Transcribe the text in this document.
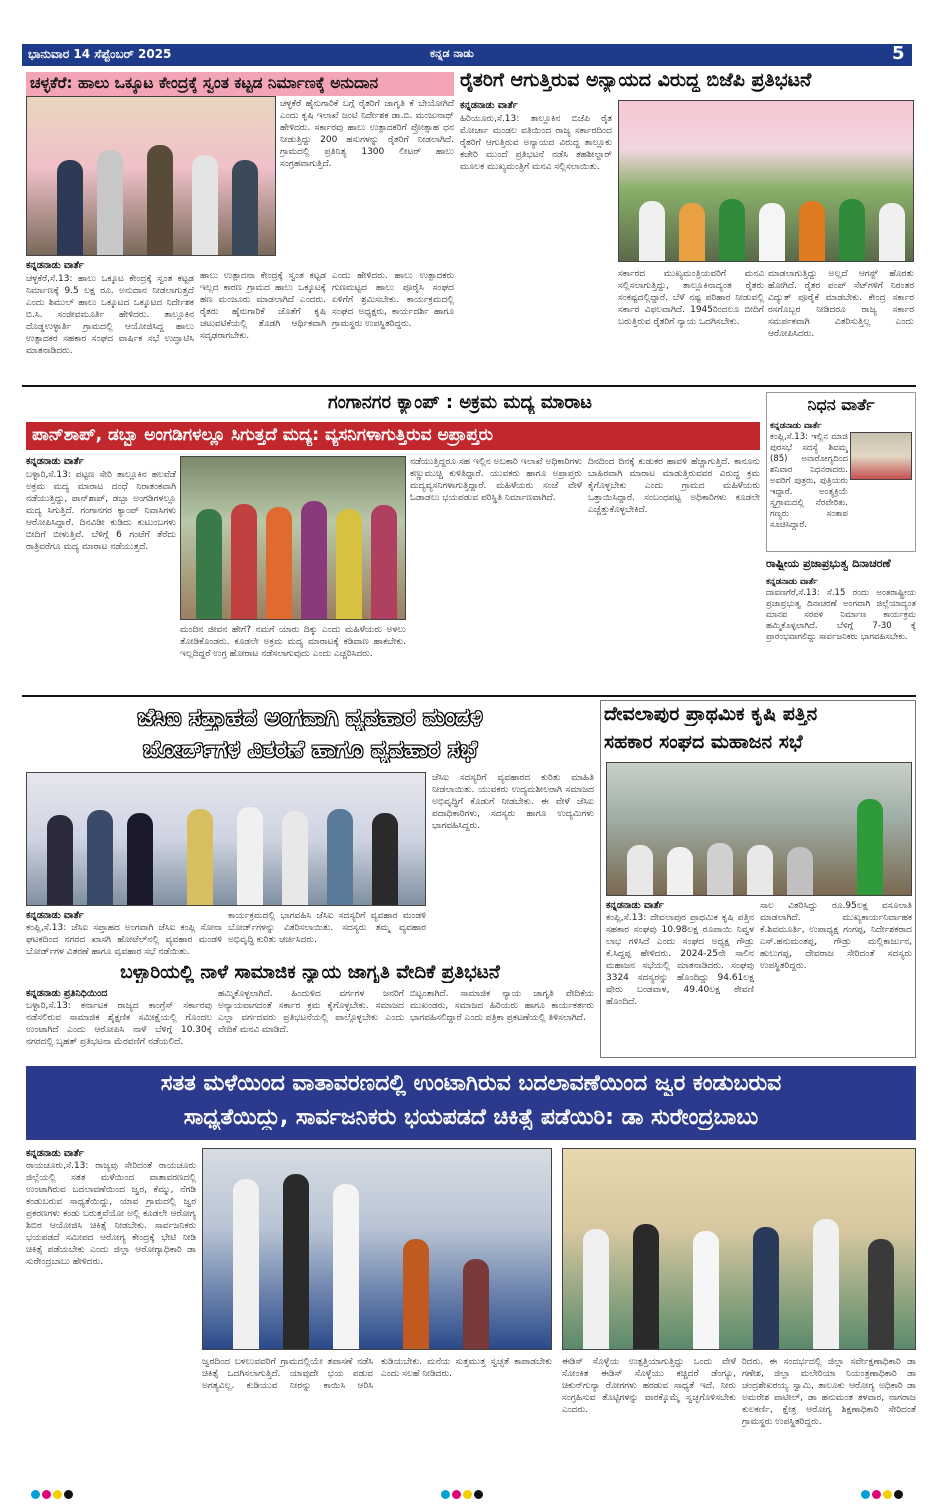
ಭಾನುವಾರ 14 ಸೆಪ್ಟೆಂಬರ್ 2025	ಕನ್ನಡ ನಾಡು	5
ಚಳ್ಳಕೆರೆ: ಹಾಲು ಒಕ್ಕೂಟ ಕೇಂದ್ರಕ್ಕೆ ಸ್ವಂತ ಕಟ್ಟಡ ನಿರ್ಮಾಣಕ್ಕೆ ಅನುದಾನ
ಕನ್ನಡನಾಡು ವಾರ್ತೆ
ಚಳ್ಳಕೆರೆ,ಸೆ.13: ಹಾಲು ಒಕ್ಕೂಟ ಕೇಂದ್ರಕ್ಕೆ ಸ್ವಂತ ಕಟ್ಟಡ ನಿರ್ಮಾಣಕ್ಕೆ 9.5 ಲಕ್ಷ ರೂ. ಅನುದಾನ ನೀಡಲಾಗುತ್ತದೆ ಎಂದು ಶಿಮುಲ್ ಹಾಲು ಒಕ್ಕೂಟದ ಒಕ್ಕೂಟದ ನಿರ್ದೇಶಕ ಬಿ.ಸಿ. ಸಂಜೀವಮೂರ್ತಿ ಹೇಳಿದರು. ತಾಲ್ಲೂಕಿನ ದೊಡ್ಡಉಳ್ಳಾರ್ತಿ ಗ್ರಾಮದಲ್ಲಿ ಆಯೋಜಿಸಿದ್ದ ಹಾಲು ಉತ್ಪಾದಕರ ಸಹಕಾರ ಸಂಘದ ವಾರ್ಷಿಕ ಸಭೆ ಉದ್ಘಾಟಿಸಿ ಮಾತನಾಡಿದರು.
ಚಳ್ಳಕೆರೆ ಹೈನುಗಾರಿಕೆ ಬಗ್ಗೆ ರೈತರಿಗೆ ಜಾಗೃತಿ ಕೆ ಬೇಯೋಗಿದೆ ಎಂದು ಕೃಷಿ ಇಲಾಖೆ ಜಂಟಿ ನಿರ್ದೇಶಕ ಡಾ.ಬಿ. ಮಂಜುನಾಥ್ ಹೇಳಿದರು. ಸರ್ಕಾರವು ಹಾಲು ಉತ್ಪಾದಕರಿಗೆ ಪ್ರೋತ್ಸಾಹ ಧನ ನೀಡುತ್ತಿದ್ದು 200 ಹಸುಗಳನ್ನು ರೈತರಿಗೆ ನೀಡಲಾಗಿದೆ. ಗ್ರಾಮದಲ್ಲಿ ಪ್ರತಿನಿತ್ಯ 1300 ಲೀಟರ್ ಹಾಲು ಸಂಗ್ರಹವಾಗುತ್ತಿದೆ.
ಹಾಲು ಉತ್ಪಾದನಾ ಕೇಂದ್ರಕ್ಕೆ ಸ್ವಂತ ಕಟ್ಟಡ ಇಲ್ಲದ ಕಾರಣ ಗ್ರಾಮದ ಹಾಲು ಒಕ್ಕೂಟಕ್ಕೆ ಹಣ ಮಂಜೂರು ಮಾಡಲಾಗಿದೆ ಎಂದರು. ರೈತರು ಹೈನುಗಾರಿಕೆ ಜೊತೆಗೆ ಕೃಷಿ ಚಟುವಟಿಕೆಯಲ್ಲಿ ತೊಡಗಿ ಆರ್ಥಿಕವಾಗಿ ಸದೃಢರಾಗಬೇಕು.
ಎಂದು ಹೇಳಿದರು. ಹಾಲು ಉತ್ಪಾದಕರು ಗುಣಮಟ್ಟದ ಹಾಲು ಪೂರೈಸಿ ಸಂಘದ ಏಳಿಗೆಗೆ ಶ್ರಮಿಸಬೇಕು. ಕಾರ್ಯಕ್ರಮದಲ್ಲಿ ಸಂಘದ ಅಧ್ಯಕ್ಷರು, ಕಾರ್ಯದರ್ಶಿ ಹಾಗೂ ಗ್ರಾಮಸ್ಥರು ಉಪಸ್ಥಿತರಿದ್ದರು.
ರೈತರಿಗೆ ಆಗುತ್ತಿರುವ ಅನ್ಯಾಯದ ವಿರುದ್ಧ ಬಿಜೆಪಿ ಪ್ರತಿಭಟನೆ
ಕನ್ನಡನಾಡು ವಾರ್ತೆ
ಹಿರಿಯೂರು,ಸೆ.13: ತಾಲ್ಲೂಕಿನ ಬಿಜೆಪಿ ರೈತ ಮೋರ್ಚಾ ಮಂಡಲ ವತಿಯಿಂದ ರಾಜ್ಯ ಸರ್ಕಾರದಿಂದ ರೈತರಿಗೆ ಆಗುತ್ತಿರುವ ಅನ್ಯಾಯದ ವಿರುದ್ಧ ತಾಲ್ಲೂಕು ಕಚೇರಿ ಮುಂದೆ ಪ್ರತಿಭಟನೆ ನಡೆಸಿ ತಹಶೀಲ್ದಾರ್ ಮೂಲಕ ಮುಖ್ಯಮಂತ್ರಿಗೆ ಮನವಿ ಸಲ್ಲಿಸಲಾಯಿತು.
ಸರ್ಕಾರದ ಮುಖ್ಯಮಂತ್ರಿಯವರಿಗೆ ಮನವಿ ಸಲ್ಲಿಸಲಾಗುತ್ತಿದ್ದು, ತಾಲ್ಲೂಕಿನಾದ್ಯಂತ ರೈತರು ಸಂಕಷ್ಟದಲ್ಲಿದ್ದಾರೆ. ಬೆಳೆ ನಷ್ಟ ಪರಿಹಾರ ನೀಡುವಲ್ಲಿ ಸರ್ಕಾರ ವಿಫಲವಾಗಿದೆ. 1945ರಿಂದಲೂ ಬೀದಿಗೆ ಬರುತ್ತಿರುವ ರೈತರಿಗೆ ನ್ಯಾಯ ಒದಗಿಸಬೇಕು.
ಮಾಡಲಾಗುತ್ತಿದ್ದು ಅಲ್ಲದೆ ಆಗಸ್ಟ್ ಹೊರತು ಹೋಗಿದೆ. ರೈತರ ಪಂಪ್ ಸೆಟ್‌ಗಳಿಗೆ ನಿರಂತರ ವಿದ್ಯುತ್ ಪೂರೈಕೆ ಮಾಡಬೇಕು. ಕೇಂದ್ರ ಸರ್ಕಾರ ರಸಗೊಬ್ಬರ ನೀಡಿದರೂ ರಾಜ್ಯ ಸರ್ಕಾರ ಸಮರ್ಪಕವಾಗಿ ವಿತರಿಸುತ್ತಿಲ್ಲ ಎಂದು ಆರೋಪಿಸಿದರು.
ಗಂಗಾನಗರ ಕ್ಯಾಂಪ್ : ಅಕ್ರಮ ಮದ್ಯ ಮಾರಾಟ
ಪಾನ್‌ಶಾಪ್, ಡಬ್ಬಾ ಅಂಗಡಿಗಳಲ್ಲೂ ಸಿಗುತ್ತದೆ ಮದ್ಯ: ವ್ಯಸನಿಗಳಾಗುತ್ತಿರುವ ಅಪ್ರಾಪ್ತರು
ಕನ್ನಡನಾಡು ವಾರ್ತೆ
ಬಳ್ಳಾರಿ,ಸೆ.13: ಪಟ್ಟಣ ಸೇರಿ ತಾಲ್ಲೂಕಿನ ಹಲವೆಡೆ ಅಕ್ರಮ ಮದ್ಯ ಮಾರಾಟ ದಂಧೆ ನಿರಾತಂಕವಾಗಿ ನಡೆಯುತ್ತಿದ್ದು, ಪಾನ್‌ಶಾಪ್, ಡಬ್ಬಾ ಅಂಗಡಿಗಳಲ್ಲೂ ಮದ್ಯ ಸಿಗುತ್ತಿದೆ. ಗಂಗಾನಗರ ಕ್ಯಾಂಪ್ ನಿವಾಸಿಗಳು ಆರೋಪಿಸಿದ್ದಾರೆ. ದಿನವಿಡೀ ಕುಡಿದು ಕುಟುಂಬಗಳು ಬೀದಿಗೆ ಬೀಳುತ್ತಿವೆ. ಬೆಳಿಗ್ಗೆ 6 ಗಂಟೆಗೆ ತೆರೆದು ರಾತ್ರಿವರೆಗೂ ಮದ್ಯ ಮಾರಾಟ ನಡೆಯುತ್ತದೆ.
ಮಂದಿನ ಜೀವನ ಹೇಗೆ? ನಮಗೆ ಯಾರು ದಿಕ್ಕು ಎಂದು ಮಹಿಳೆಯರು ಅಳಲು ತೋಡಿಕೊಂಡರು. ಕೂಡಲೇ ಅಕ್ರಮ ಮದ್ಯ ಮಾರಾಟಕ್ಕೆ ಕಡಿವಾಣ ಹಾಕಬೇಕು. ಇಲ್ಲದಿದ್ದರೆ ಉಗ್ರ ಹೋರಾಟ ನಡೆಸಲಾಗುವುದು ಎಂದು ಎಚ್ಚರಿಸಿದರು.
ನಡೆಯುತ್ತಿದ್ದರೂ ಸಹ ಇಲ್ಲಿನ ಅಬಕಾರಿ ಇಲಾಖೆ ಅಧಿಕಾರಿಗಳು ಕಣ್ಣುಮುಚ್ಚಿ ಕುಳಿತಿದ್ದಾರೆ. ಯುವಕರು ಹಾಗೂ ಅಪ್ರಾಪ್ತರು ಮದ್ಯವ್ಯಸನಿಗಳಾಗುತ್ತಿದ್ದಾರೆ. ಮಹಿಳೆಯರು ಸಂಜೆ ವೇಳೆ ಓಡಾಡಲು ಭಯಪಡುವ ಪರಿಸ್ಥಿತಿ ನಿರ್ಮಾಣವಾಗಿದೆ.
ದಿನದಿಂದ ದಿನಕ್ಕೆ ಕುಡುಕರ ಹಾವಳಿ ಹೆಚ್ಚಾಗುತ್ತಿದೆ. ಕಾನೂನು ಬಾಹಿರವಾಗಿ ಮಾರಾಟ ಮಾಡುತ್ತಿರುವವರ ವಿರುದ್ಧ ಕ್ರಮ ಕೈಗೊಳ್ಳಬೇಕು ಎಂದು ಗ್ರಾಮದ ಮಹಿಳೆಯರು ಒತ್ತಾಯಿಸಿದ್ದಾರೆ. ಸಂಬಂಧಪಟ್ಟ ಅಧಿಕಾರಿಗಳು ಕೂಡಲೇ ಎಚ್ಚೆತ್ತುಕೊಳ್ಳಬೇಕಿದೆ.
ನಿಧನ ವಾರ್ತೆ
ಕನ್ನಡನಾಡು ವಾರ್ತೆ
ಕಂಪ್ಲಿ,ಸೆ.13: ಇಲ್ಲಿನ ಮಾಜಿ ಪುರಸಭೆ ಸದಸ್ಯೆ ಶಿವಮ್ಮ (85) ಅನಾರೋಗ್ಯದಿಂದ ಶನಿವಾರ ನಿಧನರಾದರು. ಅವರಿಗೆ ಪುತ್ರರು, ಪುತ್ರಿಯರು ಇದ್ದಾರೆ. ಅಂತ್ಯಕ್ರಿಯೆ ಸ್ವಗ್ರಾಮದಲ್ಲಿ ನೆರವೇರಿತು. ಗಣ್ಯರು ಸಂತಾಪ ಸೂಚಿಸಿದ್ದಾರೆ.
ರಾಷ್ಟ್ರೀಯ ಪ್ರಜಾಪ್ರಭುತ್ವ ದಿನಾಚರಣೆ
ಕನ್ನಡನಾಡು ವಾರ್ತೆ
ದಾವಣಗೆರೆ,ಸೆ.13: ಸೆ.15 ರಂದು ಅಂತರಾಷ್ಟ್ರೀಯ ಪ್ರಜಾಪ್ರಭುತ್ವ ದಿನಾಚರಣೆ ಅಂಗವಾಗಿ ಜಿಲ್ಲೆಯಾದ್ಯಂತ ಮಾನವ ಸರಪಳಿ ನಿರ್ಮಾಣ ಕಾರ್ಯಕ್ರಮ ಹಮ್ಮಿಕೊಳ್ಳಲಾಗಿದೆ. ಬೆಳಿಗ್ಗೆ 7-30 ಕ್ಕೆ ಪ್ರಾರಂಭವಾಗಲಿದ್ದು ಸಾರ್ವಜನಿಕರು ಭಾಗವಹಿಸಬೇಕು.
ಜೆಸಿಐ ಸಪ್ತಾಹದ ಅಂಗವಾಗಿ ವ್ಯವಹಾರ ಮಂಡಳಿ
ಬೋರ್ಡ್‌ಗಳ ವಿತರಣೆ ಹಾಗೂ ವ್ಯವಹಾರ ಸಭೆ
ಜೆಸಿಐ ಸದಸ್ಯರಿಗೆ ವ್ಯವಹಾರದ ಕುರಿತು ಮಾಹಿತಿ ನೀಡಲಾಯಿತು. ಯುವಕರು ಉದ್ಯಮಶೀಲರಾಗಿ ಸಮಾಜದ ಅಭಿವೃದ್ಧಿಗೆ ಕೊಡುಗೆ ನೀಡಬೇಕು. ಈ ವೇಳೆ ಜೆಸಿಐ ಪದಾಧಿಕಾರಿಗಳು, ಸದಸ್ಯರು ಹಾಗೂ ಉದ್ಯಮಿಗಳು ಭಾಗವಹಿಸಿದ್ದರು.
ಕನ್ನಡನಾಡು ವಾರ್ತೆ
ಕಂಪ್ಲಿ,ಸೆ.13: ಜೆಸಿಐ ಸಪ್ತಾಹದ ಅಂಗವಾಗಿ ಜೆಸಿಐ ಕಂಪ್ಲಿ ಸೋನಾ ಘಟಕದಿಂದ ನಗರದ ಖಾಸಗಿ ಹೋಟೆಲ್‌ನಲ್ಲಿ ವ್ಯವಹಾರ ಮಂಡಳಿ ಬೋರ್ಡ್‌ಗಳ ವಿತರಣೆ ಹಾಗೂ ವ್ಯವಹಾರ ಸಭೆ ನಡೆಯಿತು.
ಕಾರ್ಯಕ್ರಮದಲ್ಲಿ ಭಾಗವಹಿಸಿ ಜೆಸಿಐ ಸದಸ್ಯರಿಗೆ ವ್ಯವಹಾರ ಮಂಡಳಿ ಬೋರ್ಡ್‌ಗಳನ್ನು ವಿತರಿಸಲಾಯಿತು. ಸದಸ್ಯರು ತಮ್ಮ ವ್ಯವಹಾರ ಅಭಿವೃದ್ಧಿ ಕುರಿತು ಚರ್ಚಿಸಿದರು.
ಬಳ್ಳಾರಿಯಲ್ಲಿ ನಾಳೆ ಸಾಮಾಜಿಕ ನ್ಯಾಯ ಜಾಗೃತಿ ವೇದಿಕೆ ಪ್ರತಿಭಟನೆ
ಕನ್ನಡನಾಡು ಪ್ರತಿನಿಧಿಯಿಂದ
ಬಳ್ಳಾರಿ,ಸೆ.13: ಕರ್ನಾಟಕ ರಾಜ್ಯದ ಕಾಂಗ್ರೆಸ್ ಸರ್ಕಾರವು ನಡೆಸಲಿರುವ ಸಾಮಾಜಿಕ ಶೈಕ್ಷಣಿಕ ಸಮೀಕ್ಷೆಯಲ್ಲಿ ಗೊಂದಲ ಉಂಟಾಗಿದೆ ಎಂದು ಆರೋಪಿಸಿ ನಾಳೆ ಬೆಳಿಗ್ಗೆ 10.30ಕ್ಕೆ ನಗರದಲ್ಲಿ ಬೃಹತ್ ಪ್ರತಿಭಟನಾ ಮೆರವಣಿಗೆ ನಡೆಯಲಿದೆ.
ಹಮ್ಮಿಕೊಳ್ಳಲಾಗಿದೆ. ಹಿಂದುಳಿದ ವರ್ಗಗಳ ಜನರಿಗೆ ಅನ್ಯಾಯವಾಗದಂತೆ ಸರ್ಕಾರ ಕ್ರಮ ಕೈಗೊಳ್ಳಬೇಕು. ಸಮಾಜದ ಎಲ್ಲಾ ವರ್ಗದವರು ಪ್ರತಿಭಟನೆಯಲ್ಲಿ ಪಾಲ್ಗೊಳ್ಳಬೇಕು ಎಂದು ವೇದಿಕೆ ಮನವಿ ಮಾಡಿದೆ.
ಬಿಟ್ಟಂತಾಗಿದೆ. ಸಾಮಾಜಿಕ ನ್ಯಾಯ ಜಾಗೃತಿ ವೇದಿಕೆಯ ಮುಖಂಡರು, ಸಮಾಜದ ಹಿರಿಯರು ಹಾಗೂ ಕಾರ್ಯಕರ್ತರು ಭಾಗವಹಿಸಲಿದ್ದಾರೆ ಎಂದು ಪತ್ರಿಕಾ ಪ್ರಕಟಣೆಯಲ್ಲಿ ತಿಳಿಸಲಾಗಿದೆ.
ದೇವಲಾಪುರ ಪ್ರಾಥಮಿಕ ಕೃಷಿ ಪತ್ತಿನ
ಸಹಕಾರ ಸಂಘದ ಮಹಾಜನ ಸಭೆ
ಕನ್ನಡನಾಡು ವಾರ್ತೆ
ಕಂಪ್ಲಿ,ಸೆ.13: ದೇವಲಾಪುರ ಪ್ರಾಥಮಿಕ ಕೃಷಿ ಪತ್ತಿನ ಸಹಕಾರ ಸಂಘವು 10.98ಲಕ್ಷ ರೂಪಾಯಿ ನಿವ್ವಳ ಲಾಭ ಗಳಿಸಿದೆ ಎಂದು ಸಂಘದ ಅಧ್ಯಕ್ಷ ಗೌಡ್ರು ಕೆ.ಸಿದ್ದಪ್ಪ ಹೇಳಿದರು. 2024-25ನೇ ಸಾಲಿನ ಮಹಾಜನ ಸಭೆಯಲ್ಲಿ ಮಾತನಾಡಿದರು. ಸಂಘವು 3324 ಸದಸ್ಯರನ್ನು ಹೊಂದಿದ್ದು 94.61ಲಕ್ಷ ಷೇರು ಬಂಡವಾಳ, 49.40ಲಕ್ಷ ಠೇವಣಿ ಹೊಂದಿದೆ.
ಸಾಲ ವಿತರಿಸಿದ್ದು ರೂ.95ಲಕ್ಷ ವಸೂಲಾತಿ ಮಾಡಲಾಗಿದೆ. ಮುಖ್ಯಕಾರ್ಯನಿರ್ವಾಹಕ ಕೆ.ಶಿವಮೂರ್ತಿ, ಉಪಾಧ್ಯಕ್ಷ ಗಂಗಪ್ಪ, ನಿರ್ದೇಶಕರಾದ ಎಸ್.ಹನುಮಂತಪ್ಪ, ಗೌಡ್ರು ಮಲ್ಲಿಕಾರ್ಜುನ, ಹುಲುಗಪ್ಪ, ದೇವರಾಜ ಸೇರಿದಂತೆ ಸದಸ್ಯರು ಉಪಸ್ಥಿತರಿದ್ದರು.
ಸತತ ಮಳೆಯಿಂದ ವಾತಾವರಣದಲ್ಲಿ ಉಂಟಾಗಿರುವ ಬದಲಾವಣೆಯಿಂದ ಜ್ವರ ಕಂಡುಬರುವ
ಸಾಧ್ಯತೆಯಿದ್ದು, ಸಾರ್ವಜನಿಕರು ಭಯಪಡದೆ ಚಿಕಿತ್ಸೆ ಪಡೆಯಿರಿ: ಡಾ ಸುರೇಂದ್ರಬಾಬು
ಕನ್ನಡನಾಡು ವಾರ್ತೆ
ರಾಯಚೂರು,ಸೆ.13: ರಾಜ್ಯವು ಸೇರಿದಂತೆ ರಾಯಚೂರು ಜಿಲ್ಲೆಯಲ್ಲಿ ಸತತ ಮಳೆಯಿಂದ ವಾತಾವರಣದಲ್ಲಿ ಉಂಟಾಗಿರುವ ಬದಲಾವಣೆಯಿಂದ ಜ್ವರ, ಕೆಮ್ಮು, ನೆಗಡಿ ಕಂಡುಬರುವ ಸಾಧ್ಯತೆಯಿದ್ದು, ಯಾವ ಗ್ರಾಮದಲ್ಲಿ ಜ್ವರ ಪ್ರಕರಣಗಳು ಕಂಡು ಬರುತ್ತವೆಯೋ ಅಲ್ಲಿ ಕೂಡಲೇ ಆರೋಗ್ಯ ಶಿಬಿರ ಆಯೋಜಿಸಿ ಚಿಕಿತ್ಸೆ ನೀಡಬೇಕು. ಸಾರ್ವಜನಿಕರು ಭಯಪಡದೆ ಸಮೀಪದ ಆರೋಗ್ಯ ಕೇಂದ್ರಕ್ಕೆ ಭೇಟಿ ನೀಡಿ ಚಿಕಿತ್ಸೆ ಪಡೆಯಬೇಕು ಎಂದು ಜಿಲ್ಲಾ ಆರೋಗ್ಯಾಧಿಕಾರಿ ಡಾ ಸುರೇಂದ್ರಬಾಬು ಹೇಳಿದರು.
ಜ್ವರದಿಂದ ಬಳಲುವವರಿಗೆ ಗ್ರಾಮದಲ್ಲಿಯೇ ತಪಾಸಣೆ ನಡೆಸಿ ಚಿಕಿತ್ಸೆ ಒದಗಿಸಲಾಗುತ್ತಿದೆ. ಯಾವುದೇ ಭಯ ಪಡುವ ಅಗತ್ಯವಿಲ್ಲ. ಕುಡಿಯುವ ನೀರನ್ನು ಕಾಯಿಸಿ ಆರಿಸಿ ಕುಡಿಯಬೇಕು. ಮನೆಯ ಸುತ್ತಮುತ್ತ ಸ್ವಚ್ಛತೆ ಕಾಪಾಡಬೇಕು ಎಂದು ಸಲಹೆ ನೀಡಿದರು.
ಈಡಿಸ್ ಸೊಳ್ಳೆಯ ಉತ್ಪತ್ತಿಯಾಗುತ್ತಿದ್ದು ಒಂದು ವೇಳೆ ಸೋಂಕಿತ ಈಡಿಸ್ ಸೊಳ್ಳೆಯು ಕಚ್ಚಿದರೆ ಡೆಂಗ್ಯೂ, ಚಿಕುನ್‌ಗುನ್ಯಾ ರೋಗಗಳು ಹರಡುವ ಸಾಧ್ಯತೆ ಇದೆ. ನೀರು ಸಂಗ್ರಹಿಸುವ ತೊಟ್ಟಿಗಳನ್ನು ವಾರಕ್ಕೊಮ್ಮೆ ಸ್ವಚ್ಛಗೊಳಿಸಬೇಕು ಎಂದರು.
ರಿದರು. ಈ ಸಂದರ್ಭದಲ್ಲಿ ಜಿಲ್ಲಾ ಸರ್ವೇಕ್ಷಣಾಧಿಕಾರಿ ಡಾ ಗಣೇಶ, ಜಿಲ್ಲಾ ಮಲೇರಿಯಾ ನಿಯಂತ್ರಣಾಧಿಕಾರಿ ಡಾ ಚಂದ್ರಶೇಖರಯ್ಯ ಸ್ವಾಮಿ, ತಾಲೂಕು ಆರೋಗ್ಯ ಅಧಿಕಾರಿ ಡಾ ಅಮರೇಶ ಪಾಟೀಲ್, ಡಾ ಹನುಮಂತ ತಳವಾರ, ನಾಗರಾಜ ಕುಲಕರ್ಣಿ, ಕ್ಷೇತ್ರ ಆರೋಗ್ಯ ಶಿಕ್ಷಣಾಧಿಕಾರಿ ಸೇರಿದಂತೆ ಗ್ರಾಮಸ್ಥರು ಉಪಸ್ಥಿತರಿದ್ದರು.
